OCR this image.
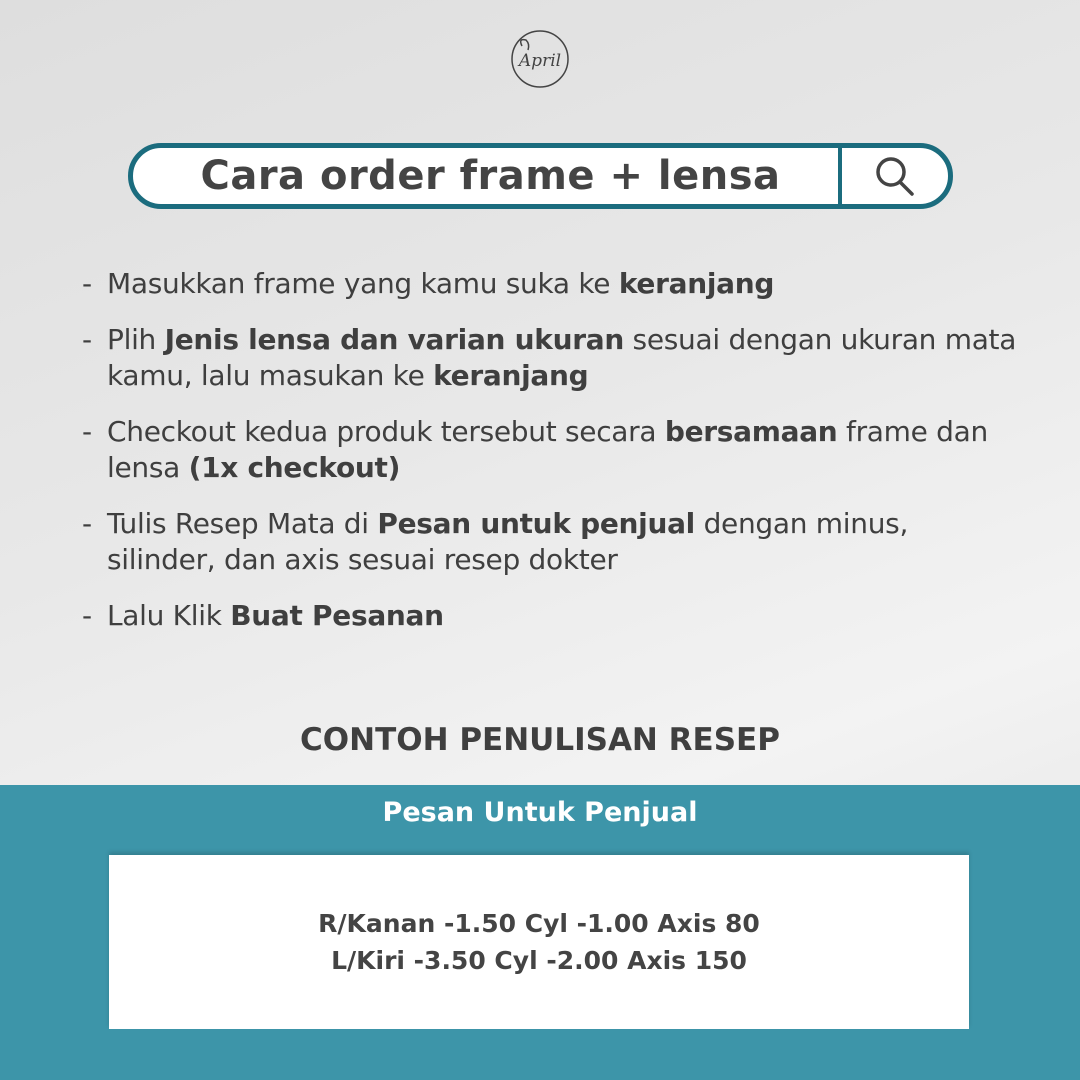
April
Cara order frame + lensa
- Masukkan frame yang kamu suka ke keranjang
- Plih Jenis lensa dan varian ukuran sesuai dengan ukuran mata kamu, lalu masukan ke keranjang
- Checkout kedua produk tersebut secara bersamaan frame dan lensa (1x checkout)
- Tulis Resep Mata di Pesan untuk penjual dengan minus, silinder, dan axis sesuai resep dokter
- Lalu Klik Buat Pesanan
CONTOH PENULISAN RESEP
Pesan Untuk Penjual
R/Kanan -1.50 Cyl -1.00 Axis 80
L/Kiri -3.50 Cyl -2.00 Axis 150
